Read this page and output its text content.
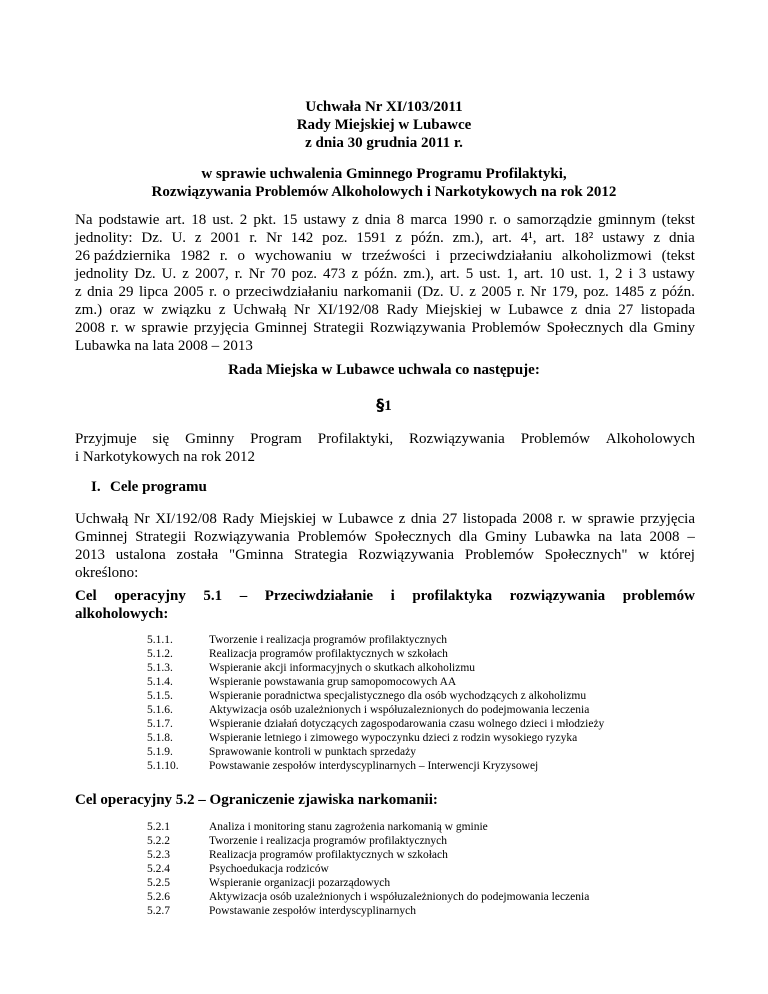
Uchwała Nr XI/103/2011
Rady Miejskiej w Lubawce
z dnia 30 grudnia 2011 r.
w sprawie uchwalenia Gminnego Programu Profilaktyki,
Rozwiązywania Problemów Alkoholowych i Narkotykowych na rok 2012
Na podstawie art. 18 ust. 2 pkt. 15 ustawy z dnia 8 marca 1990 r. o samorządzie gminnym (tekst
jednolity: Dz. U. z 2001 r. Nr 142 poz. 1591 z późn. zm.), art. 4¹, art. 18² ustawy z dnia
26 października 1982 r. o wychowaniu w trzeźwości i przeciwdziałaniu alkoholizmowi (tekst
jednolity Dz. U. z 2007, r. Nr 70 poz. 473 z późn. zm.), art. 5 ust. 1, art. 10 ust. 1, 2 i 3 ustawy
z dnia 29 lipca 2005 r. o przeciwdziałaniu narkomanii (Dz. U. z 2005 r. Nr 179, poz. 1485 z późn.
zm.) oraz w związku z Uchwałą Nr XI/192/08 Rady Miejskiej w Lubawce z dnia 27 listopada
2008 r. w sprawie przyjęcia Gminnej Strategii Rozwiązywania Problemów Społecznych dla Gminy
Lubawka na lata 2008 – 2013
Rada Miejska w Lubawce uchwala co następuje:
§1
Przyjmuje się Gminny Program Profilaktyki, Rozwiązywania Problemów Alkoholowych
i Narkotykowych na rok 2012
I. Cele programu
Uchwałą Nr XI/192/08 Rady Miejskiej w Lubawce z dnia 27 listopada 2008 r. w sprawie przyjęcia
Gminnej Strategii Rozwiązywania Problemów Społecznych dla Gminy Lubawka na lata 2008 –
2013 ustalona została "Gminna Strategia Rozwiązywania Problemów Społecznych" w której
określono:
Cel operacyjny 5.1 – Przeciwdziałanie i profilaktyka rozwiązywania problemów
alkoholowych:
5.1.1.	Tworzenie i realizacja programów profilaktycznych
5.1.2.	Realizacja programów profilaktycznych w szkołach
5.1.3.	Wspieranie akcji informacyjnych o skutkach alkoholizmu
5.1.4.	Wspieranie powstawania grup samopomocowych AA
5.1.5.	Wspieranie poradnictwa specjalistycznego dla osób wychodzących z alkoholizmu
5.1.6.	Aktywizacja osób uzależnionych i współuzaleznionych do podejmowania leczenia
5.1.7.	Wspieranie działań dotyczących zagospodarowania czasu wolnego dzieci i młodzieży
5.1.8.	Wspieranie letniego i zimowego wypoczynku dzieci z rodzin wysokiego ryzyka
5.1.9.	Sprawowanie kontroli w punktach sprzedaży
5.1.10.	Powstawanie zespołów interdyscyplinarnych – Interwencji Kryzysowej
Cel operacyjny 5.2 – Ograniczenie zjawiska narkomanii:
5.2.1	Analiza i monitoring stanu zagrożenia narkomanią w gminie
5.2.2	Tworzenie i realizacja programów profilaktycznych
5.2.3	Realizacja programów profilaktycznych w szkołach
5.2.4	Psychoedukacja rodziców
5.2.5	Wspieranie organizacji pozarządowych
5.2.6	Aktywizacja osób uzależnionych i współuzależnionych do podejmowania leczenia
5.2.7	Powstawanie zespołów interdyscyplinarnych
